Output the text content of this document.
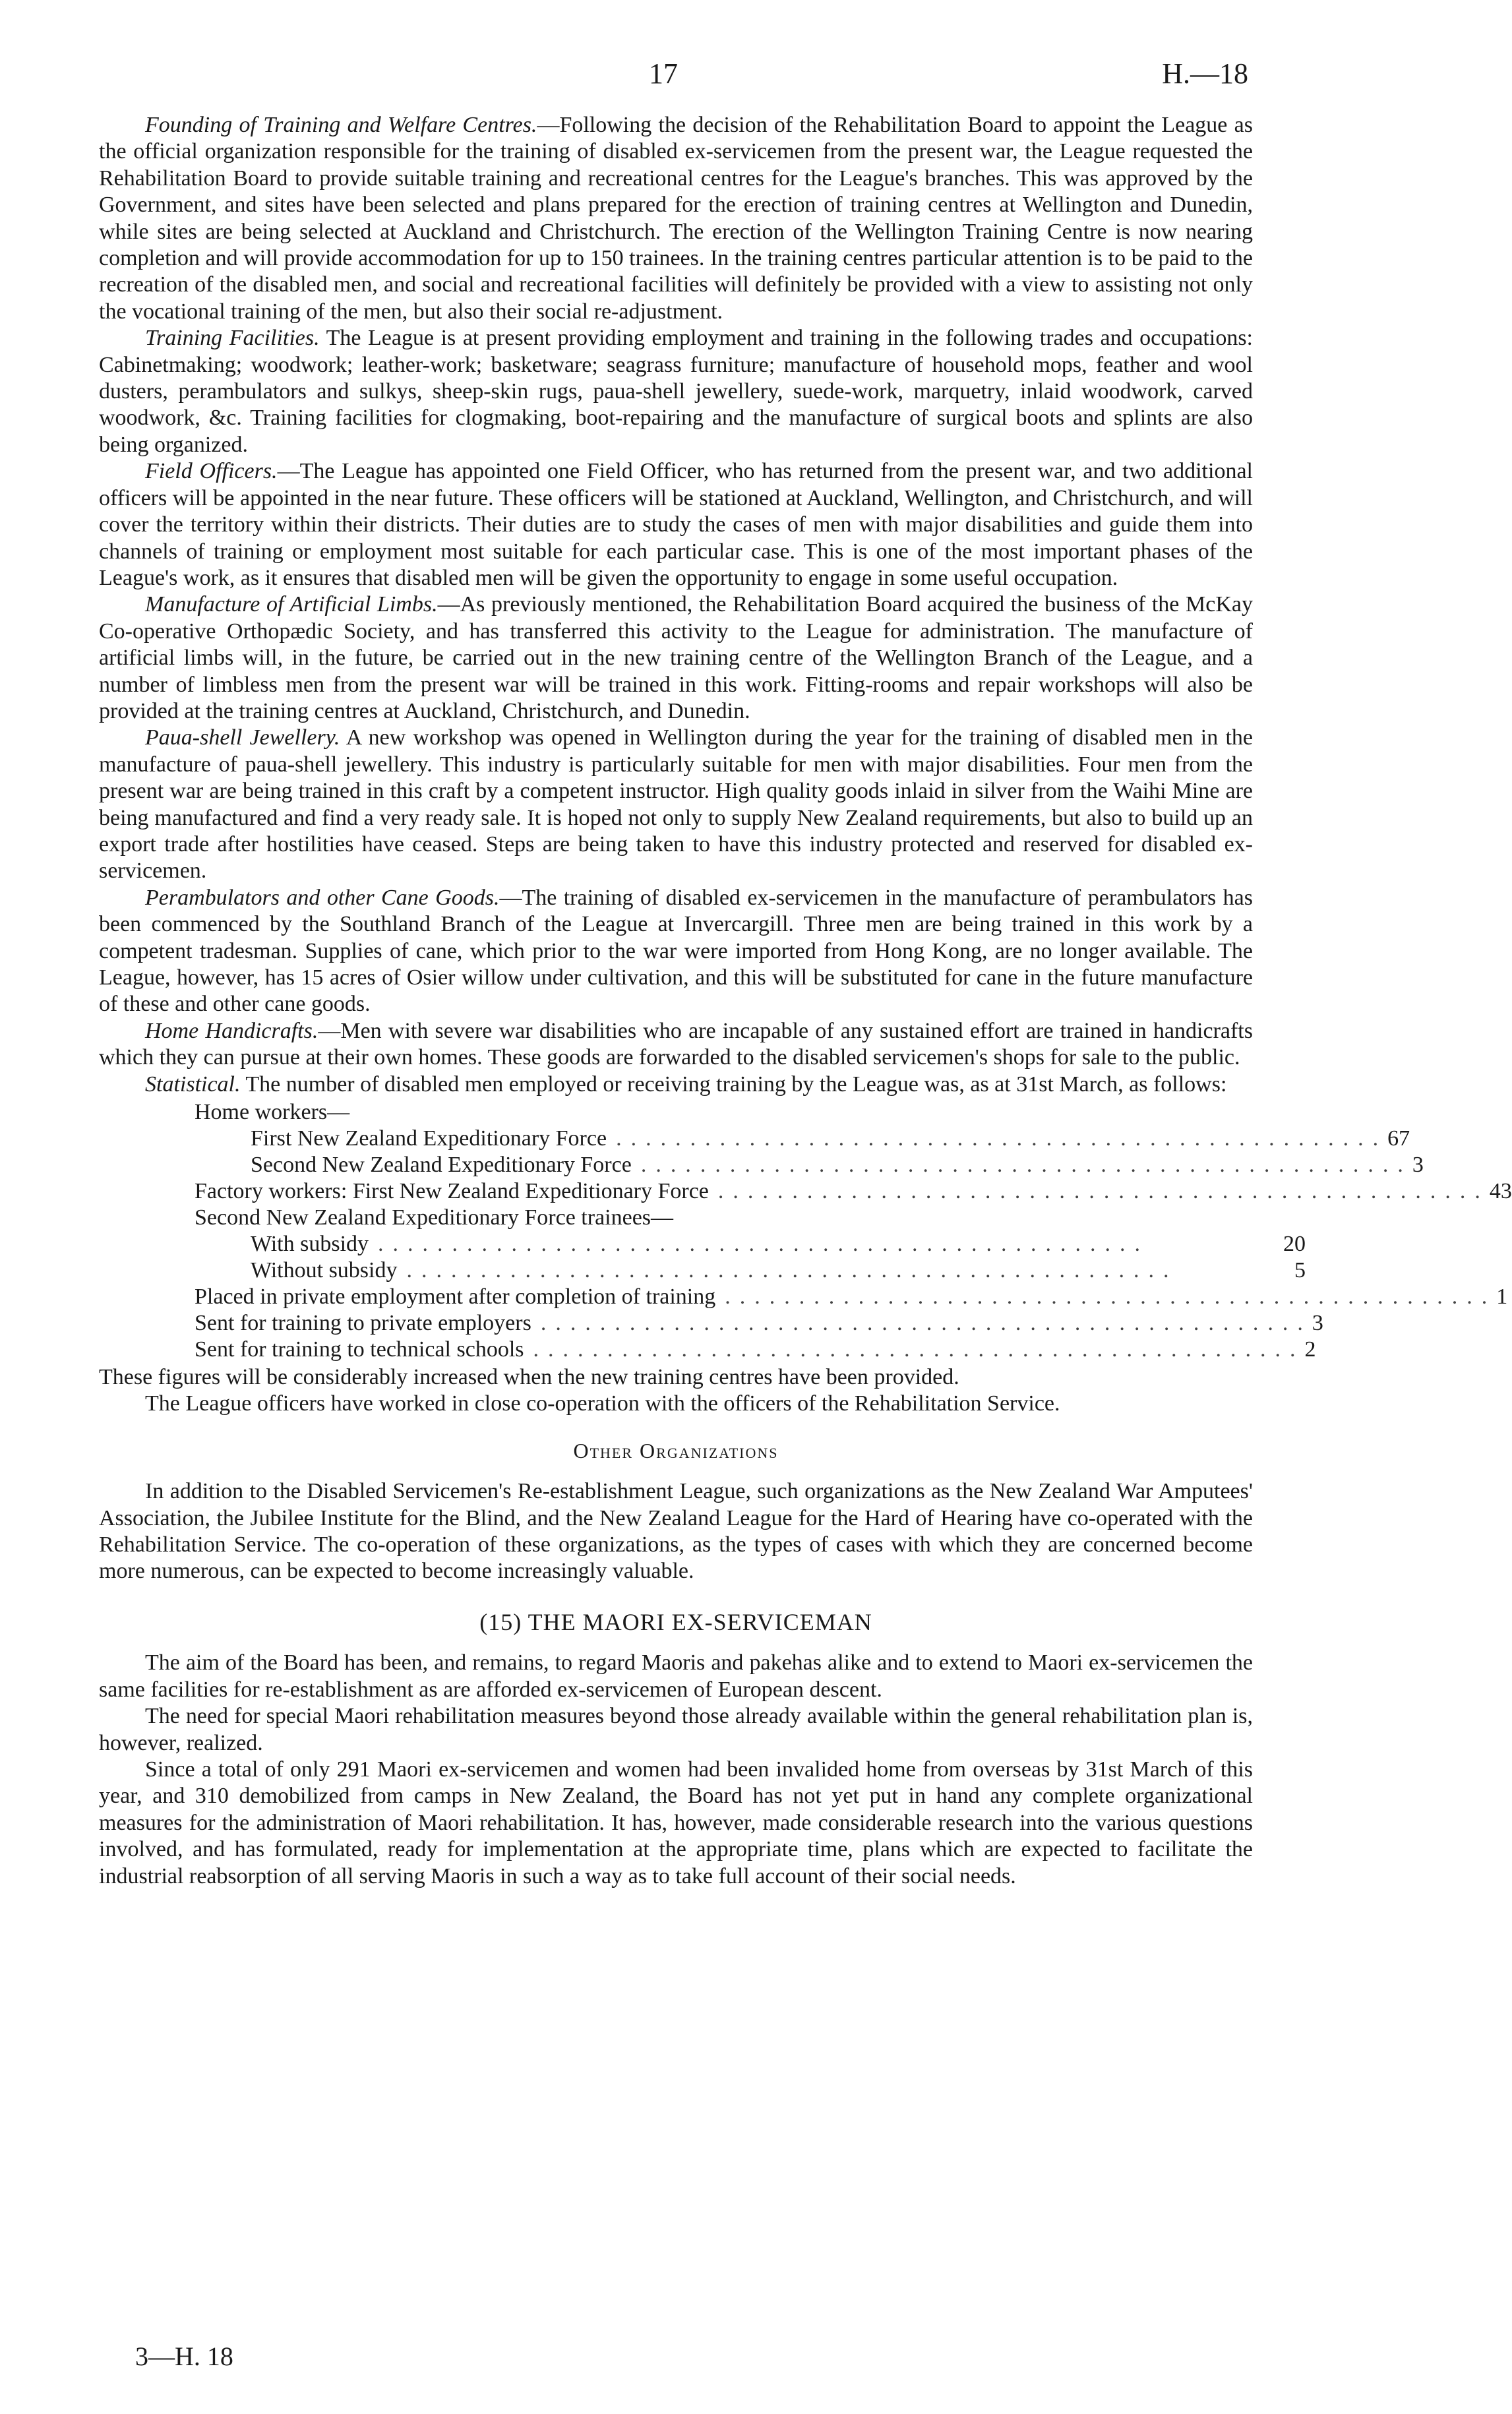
17	H.—18

Founding of Training and Welfare Centres.—Following the decision of the Rehabilitation Board to appoint the League as the official organization responsible for the training of disabled ex-servicemen from the present war, the League requested the Rehabilitation Board to provide suitable training and recreational centres for the League's branches. This was approved by the Government, and sites have been selected and plans prepared for the erection of training centres at Wellington and Dunedin, while sites are being selected at Auckland and Christchurch. The erection of the Wellington Training Centre is now nearing completion and will provide accommodation for up to 150 trainees. In the training centres particular attention is to be paid to the recreation of the disabled men, and social and recreational facilities will definitely be provided with a view to assisting not only the vocational training of the men, but also their social re-adjustment.

Training Facilities. The League is at present providing employment and training in the following trades and occupations: Cabinetmaking; woodwork; leather-work; basketware; seagrass furniture; manufacture of household mops, feather and wool dusters, perambulators and sulkys, sheep-skin rugs, paua-shell jewellery, suede-work, marquetry, inlaid woodwork, carved woodwork, &c. Training facilities for clogmaking, boot-repairing and the manufacture of surgical boots and splints are also being organized.

Field Officers.—The League has appointed one Field Officer, who has returned from the present war, and two additional officers will be appointed in the near future. These officers will be stationed at Auckland, Wellington, and Christchurch, and will cover the territory within their districts. Their duties are to study the cases of men with major disabilities and guide them into channels of training or employment most suitable for each particular case. This is one of the most important phases of the League's work, as it ensures that disabled men will be given the opportunity to engage in some useful occupation.

Manufacture of Artificial Limbs.—As previously mentioned, the Rehabilitation Board acquired the business of the McKay Co-operative Orthopædic Society, and has transferred this activity to the League for administration. The manufacture of artificial limbs will, in the future, be carried out in the new training centre of the Wellington Branch of the League, and a number of limbless men from the present war will be trained in this work. Fitting-rooms and repair workshops will also be provided at the training centres at Auckland, Christchurch, and Dunedin.

Paua-shell Jewellery. A new workshop was opened in Wellington during the year for the training of disabled men in the manufacture of paua-shell jewellery. This industry is particularly suitable for men with major disabilities. Four men from the present war are being trained in this craft by a competent instructor. High quality goods inlaid in silver from the Waihi Mine are being manufactured and find a very ready sale. It is hoped not only to supply New Zealand requirements, but also to build up an export trade after hostilities have ceased. Steps are being taken to have this industry protected and reserved for disabled ex-servicemen.

Perambulators and other Cane Goods.—The training of disabled ex-servicemen in the manufacture of perambulators has been commenced by the Southland Branch of the League at Invercargill. Three men are being trained in this work by a competent tradesman. Supplies of cane, which prior to the war were imported from Hong Kong, are no longer available. The League, however, has 15 acres of Osier willow under cultivation, and this will be substituted for cane in the future manufacture of these and other cane goods.

Home Handicrafts.—Men with severe war disabilities who are incapable of any sustained effort are trained in handicrafts which they can pursue at their own homes. These goods are forwarded to the disabled servicemen's shops for sale to the public.

Statistical. The number of disabled men employed or receiving training by the League was, as at 31st March, as follows:

Home workers—
First New Zealand Expeditionary Force .................................................... 67
Second New Zealand Expeditionary Force .................................................... 3
Factory workers: First New Zealand Expeditionary Force .................................................... 43
Second New Zealand Expeditionary Force trainees—
With subsidy ....................................................	20
Without subsidy ....................................................	5
Placed in private employment after completion of training .................................................... 1
Sent for training to private employers .................................................... 3
Sent for training to technical schools .................................................... 2

These figures will be considerably increased when the new training centres have been provided.

The League officers have worked in close co-operation with the officers of the Rehabilitation Service.

Other Organizations

In addition to the Disabled Servicemen's Re-establishment League, such organizations as the New Zealand War Amputees' Association, the Jubilee Institute for the Blind, and the New Zealand League for the Hard of Hearing have co-operated with the Rehabilitation Service. The co-operation of these organizations, as the types of cases with which they are concerned become more numerous, can be expected to become increasingly valuable.

(15) THE MAORI EX-SERVICEMAN

The aim of the Board has been, and remains, to regard Maoris and pakehas alike and to extend to Maori ex-servicemen the same facilities for re-establishment as are afforded ex-servicemen of European descent.

The need for special Maori rehabilitation measures beyond those already available within the general rehabilitation plan is, however, realized.

Since a total of only 291 Maori ex-servicemen and women had been invalided home from overseas by 31st March of this year, and 310 demobilized from camps in New Zealand, the Board has not yet put in hand any complete organizational measures for the administration of Maori rehabilitation. It has, however, made considerable research into the various questions involved, and has formulated, ready for implementation at the appropriate time, plans which are expected to facilitate the industrial reabsorption of all serving Maoris in such a way as to take full account of their social needs.

3—H. 18
